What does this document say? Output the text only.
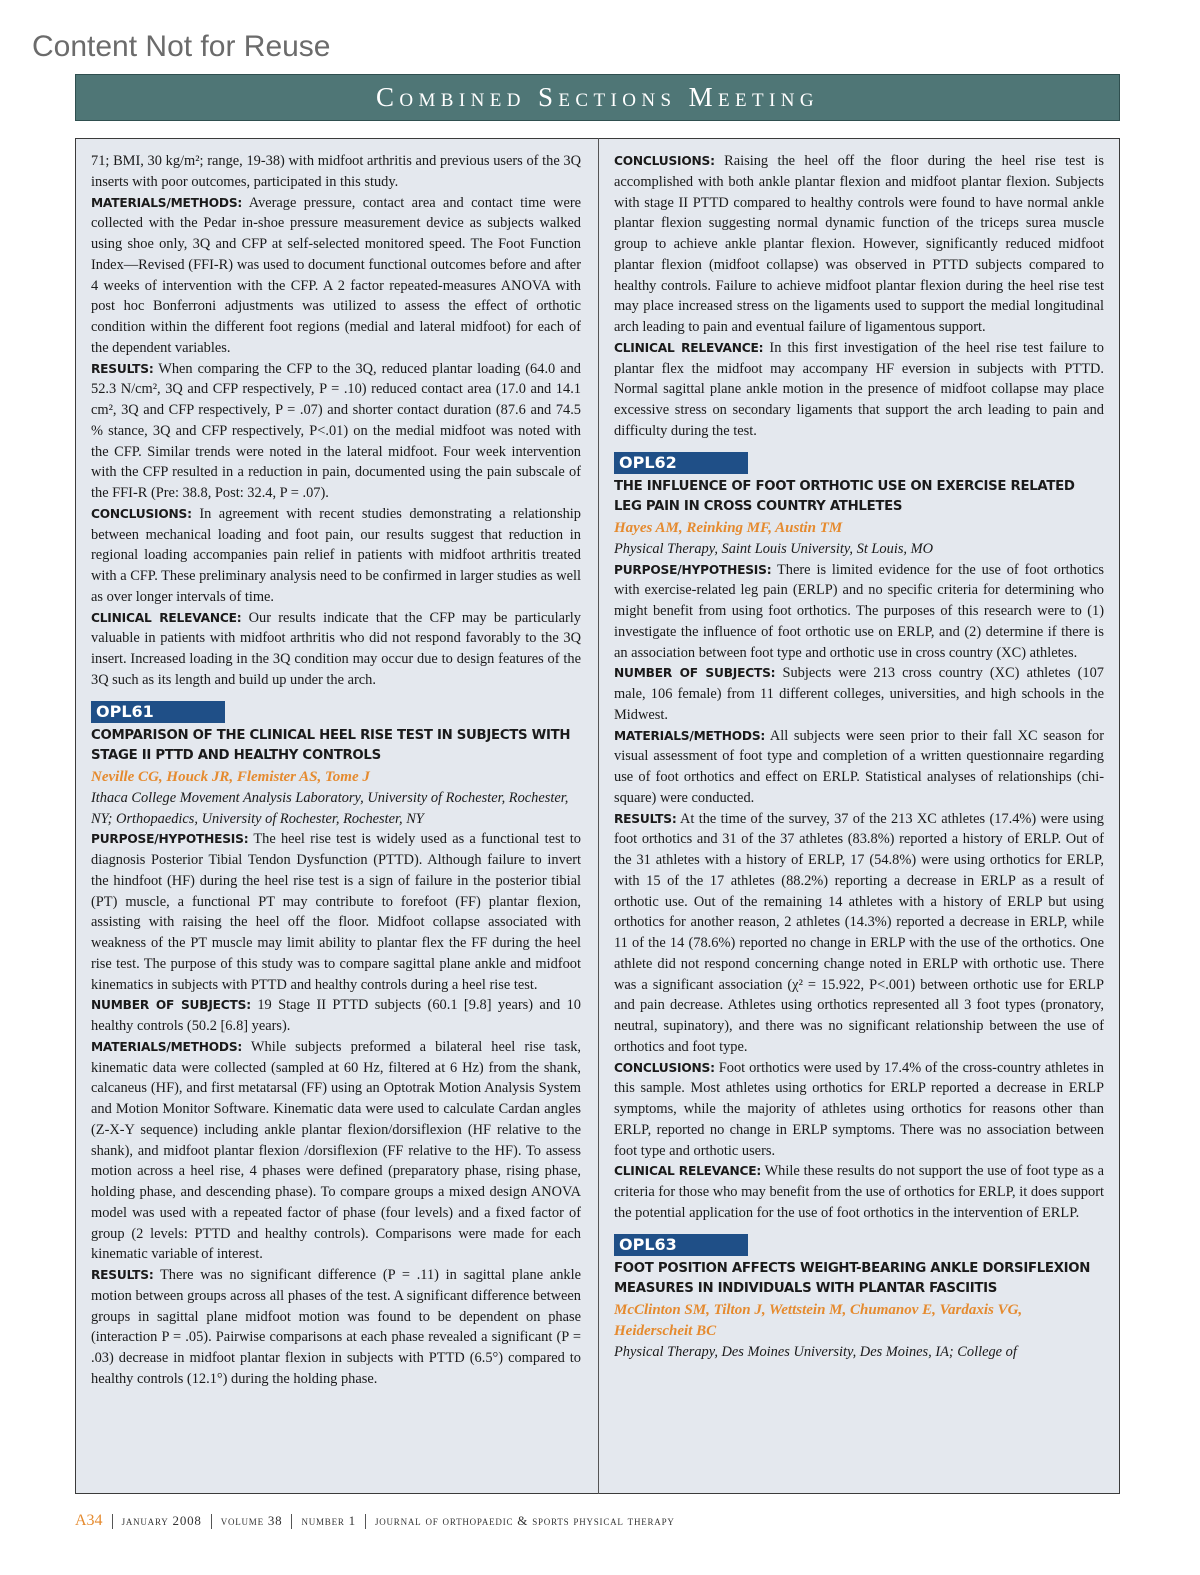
Content Not for Reuse
Combined Sections Meeting

71; BMI, 30 kg/m²; range, 19-38) with midfoot arthritis and previous users of the 3Q inserts with poor outcomes, participated in this study.

MATERIALS/METHODS: Average pressure, contact area and contact time were collected with the Pedar in-shoe pressure measurement device as subjects walked using shoe only, 3Q and CFP at self-selected monitored speed. The Foot Function Index—Revised (FFI-R) was used to document functional outcomes before and after 4 weeks of intervention with the CFP. A 2 factor repeated-measures ANOVA with post hoc Bonferroni adjustments was utilized to assess the effect of orthotic condition within the different foot regions (medial and lateral midfoot) for each of the dependent variables.

RESULTS: When comparing the CFP to the 3Q, reduced plantar loading (64.0 and 52.3 N/cm², 3Q and CFP respectively, P = .10) reduced contact area (17.0 and 14.1 cm², 3Q and CFP respectively, P = .07) and shorter contact duration (87.6 and 74.5 % stance, 3Q and CFP respectively, P<.01) on the medial midfoot was noted with the CFP. Similar trends were noted in the lateral midfoot. Four week intervention with the CFP resulted in a reduction in pain, documented using the pain subscale of the FFI-R (Pre: 38.8, Post: 32.4, P = .07).

CONCLUSIONS: In agreement with recent studies demonstrating a relationship between mechanical loading and foot pain, our results suggest that reduction in regional loading accompanies pain relief in patients with midfoot arthritis treated with a CFP. These preliminary analysis need to be confirmed in larger studies as well as over longer intervals of time.

CLINICAL RELEVANCE: Our results indicate that the CFP may be particularly valuable in patients with midfoot arthritis who did not respond favorably to the 3Q insert. Increased loading in the 3Q condition may occur due to design features of the 3Q such as its length and build up under the arch.

OPL61
COMPARISON OF THE CLINICAL HEEL RISE TEST IN SUBJECTS WITH STAGE II PTTD AND HEALTHY CONTROLS
Neville CG, Houck JR, Flemister AS, Tome J
Ithaca College Movement Analysis Laboratory, University of Rochester, Rochester, NY; Orthopaedics, University of Rochester, Rochester, NY

PURPOSE/HYPOTHESIS: The heel rise test is widely used as a functional test to diagnosis Posterior Tibial Tendon Dysfunction (PTTD). Although failure to invert the hindfoot (HF) during the heel rise test is a sign of failure in the posterior tibial (PT) muscle, a functional PT may contribute to forefoot (FF) plantar flexion, assisting with raising the heel off the floor. Midfoot collapse associated with weakness of the PT muscle may limit ability to plantar flex the FF during the heel rise test. The purpose of this study was to compare sagittal plane ankle and midfoot kinematics in subjects with PTTD and healthy controls during a heel rise test.

NUMBER OF SUBJECTS: 19 Stage II PTTD subjects (60.1 [9.8] years) and 10 healthy controls (50.2 [6.8] years).

MATERIALS/METHODS: While subjects preformed a bilateral heel rise task, kinematic data were collected (sampled at 60 Hz, filtered at 6 Hz) from the shank, calcaneus (HF), and first metatarsal (FF) using an Optotrak Motion Analysis System and Motion Monitor Software. Kinematic data were used to calculate Cardan angles (Z-X-Y sequence) including ankle plantar flexion/dorsiflexion (HF relative to the shank), and midfoot plantar flexion /dorsiflexion (FF relative to the HF). To assess motion across a heel rise, 4 phases were defined (preparatory phase, rising phase, holding phase, and descending phase). To compare groups a mixed design ANOVA model was used with a repeated factor of phase (four levels) and a fixed factor of group (2 levels: PTTD and healthy controls). Comparisons were made for each kinematic variable of interest.

RESULTS: There was no significant difference (P = .11) in sagittal plane ankle motion between groups across all phases of the test. A significant difference between groups in sagittal plane midfoot motion was found to be dependent on phase (interaction P = .05). Pairwise comparisons at each phase revealed a significant (P = .03) decrease in midfoot plantar flexion in subjects with PTTD (6.5°) compared to healthy controls (12.1°) during the holding phase.

CONCLUSIONS: Raising the heel off the floor during the heel rise test is accomplished with both ankle plantar flexion and midfoot plantar flexion. Subjects with stage II PTTD compared to healthy controls were found to have normal ankle plantar flexion suggesting normal dynamic function of the triceps surea muscle group to achieve ankle plantar flexion. However, significantly reduced midfoot plantar flexion (midfoot collapse) was observed in PTTD subjects compared to healthy controls. Failure to achieve midfoot plantar flexion during the heel rise test may place increased stress on the ligaments used to support the medial longitudinal arch leading to pain and eventual failure of ligamentous support.

CLINICAL RELEVANCE: In this first investigation of the heel rise test failure to plantar flex the midfoot may accompany HF eversion in subjects with PTTD. Normal sagittal plane ankle motion in the presence of midfoot collapse may place excessive stress on secondary ligaments that support the arch leading to pain and difficulty during the test.

OPL62
THE INFLUENCE OF FOOT ORTHOTIC USE ON EXERCISE RELATED LEG PAIN IN CROSS COUNTRY ATHLETES
Hayes AM, Reinking MF, Austin TM
Physical Therapy, Saint Louis University, St Louis, MO

PURPOSE/HYPOTHESIS: There is limited evidence for the use of foot orthotics with exercise-related leg pain (ERLP) and no specific criteria for determining who might benefit from using foot orthotics. The purposes of this research were to (1) investigate the influence of foot orthotic use on ERLP, and (2) determine if there is an association between foot type and orthotic use in cross country (XC) athletes.

NUMBER OF SUBJECTS: Subjects were 213 cross country (XC) athletes (107 male, 106 female) from 11 different colleges, universities, and high schools in the Midwest.

MATERIALS/METHODS: All subjects were seen prior to their fall XC season for visual assessment of foot type and completion of a written questionnaire regarding use of foot orthotics and effect on ERLP. Statistical analyses of relationships (chi-square) were conducted.

RESULTS: At the time of the survey, 37 of the 213 XC athletes (17.4%) were using foot orthotics and 31 of the 37 athletes (83.8%) reported a history of ERLP. Out of the 31 athletes with a history of ERLP, 17 (54.8%) were using orthotics for ERLP, with 15 of the 17 athletes (88.2%) reporting a decrease in ERLP as a result of orthotic use. Out of the remaining 14 athletes with a history of ERLP but using orthotics for another reason, 2 athletes (14.3%) reported a decrease in ERLP, while 11 of the 14 (78.6%) reported no change in ERLP with the use of the orthotics. One athlete did not respond concerning change noted in ERLP with orthotic use. There was a significant association (χ² = 15.922, P<.001) between orthotic use for ERLP and pain decrease. Athletes using orthotics represented all 3 foot types (pronatory, neutral, supinatory), and there was no significant relationship between the use of orthotics and foot type.

CONCLUSIONS: Foot orthotics were used by 17.4% of the cross-country athletes in this sample. Most athletes using orthotics for ERLP reported a decrease in ERLP symptoms, while the majority of athletes using orthotics for reasons other than ERLP, reported no change in ERLP symptoms. There was no association between foot type and orthotic users.

CLINICAL RELEVANCE: While these results do not support the use of foot type as a criteria for those who may benefit from the use of orthotics for ERLP, it does support the potential application for the use of foot orthotics in the intervention of ERLP.

OPL63
FOOT POSITION AFFECTS WEIGHT-BEARING ANKLE DORSIFLEXION MEASURES IN INDIVIDUALS WITH PLANTAR FASCIITIS
McClinton SM, Tilton J, Wettstein M, Chumanov E, Vardaxis VG, Heiderscheit BC
Physical Therapy, Des Moines University, Des Moines, IA; College of
A34 january 2008 volume 38 number 1 journal of orthopaedic & sports physical therapy
